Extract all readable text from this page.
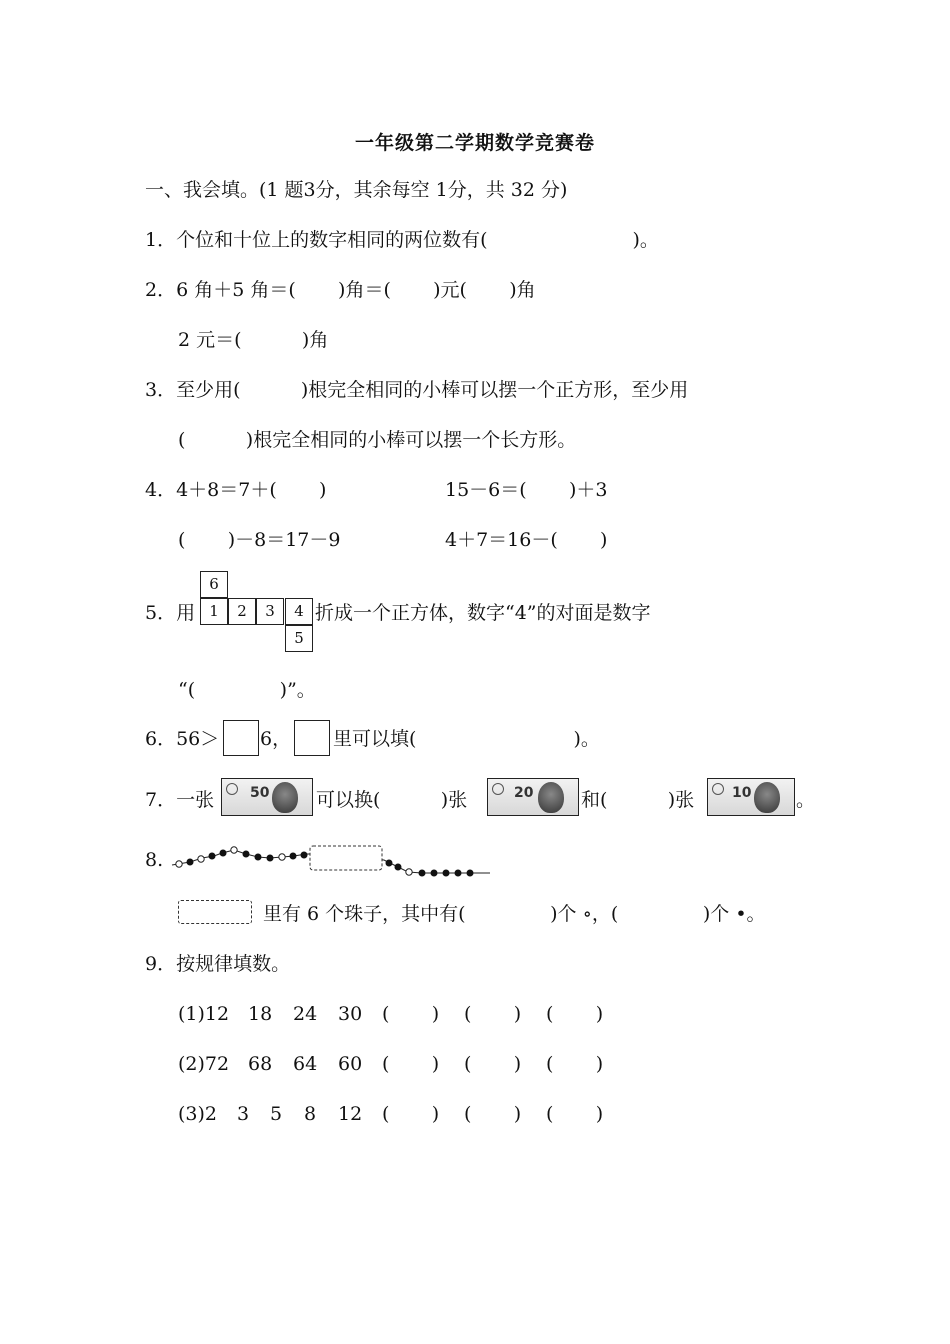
一年级第二学期数学竞赛卷
一、我会填。(1 题3分，其余每空 1分，共 32 分)
1．个位和十位上的数字相同的两位数有(                        )。
2．6 角＋5 角＝(       )角＝(       )元(       )角
2 元＝(          )角
3．至少用(          )根完全相同的小棒可以摆一个正方形，至少用
(          )根完全相同的小棒可以摆一个长方形。
4．4＋8＝7＋(       )	15－6＝(       )＋3
(       )－8＝17－9	4＋7＝16－(       )
5．用
6
1	2	3	4
5
折成一个正方体，数字“4”的对面是数字
“(              )”。
6．56＞ 6， 里可以填(                          )。
7．一张	50 可以换(          )张	20	和(          )张	10 。
8.
里有 6 个珠子，其中有(              )个 ∘，(              )个 •。
9．按规律填数。
(1)12 18 24 30 (       ) (       ) (       )
(2)72 68 64 60 (       ) (       ) (       )
(3)2 3 5 8 12 (       ) (       ) (       )
